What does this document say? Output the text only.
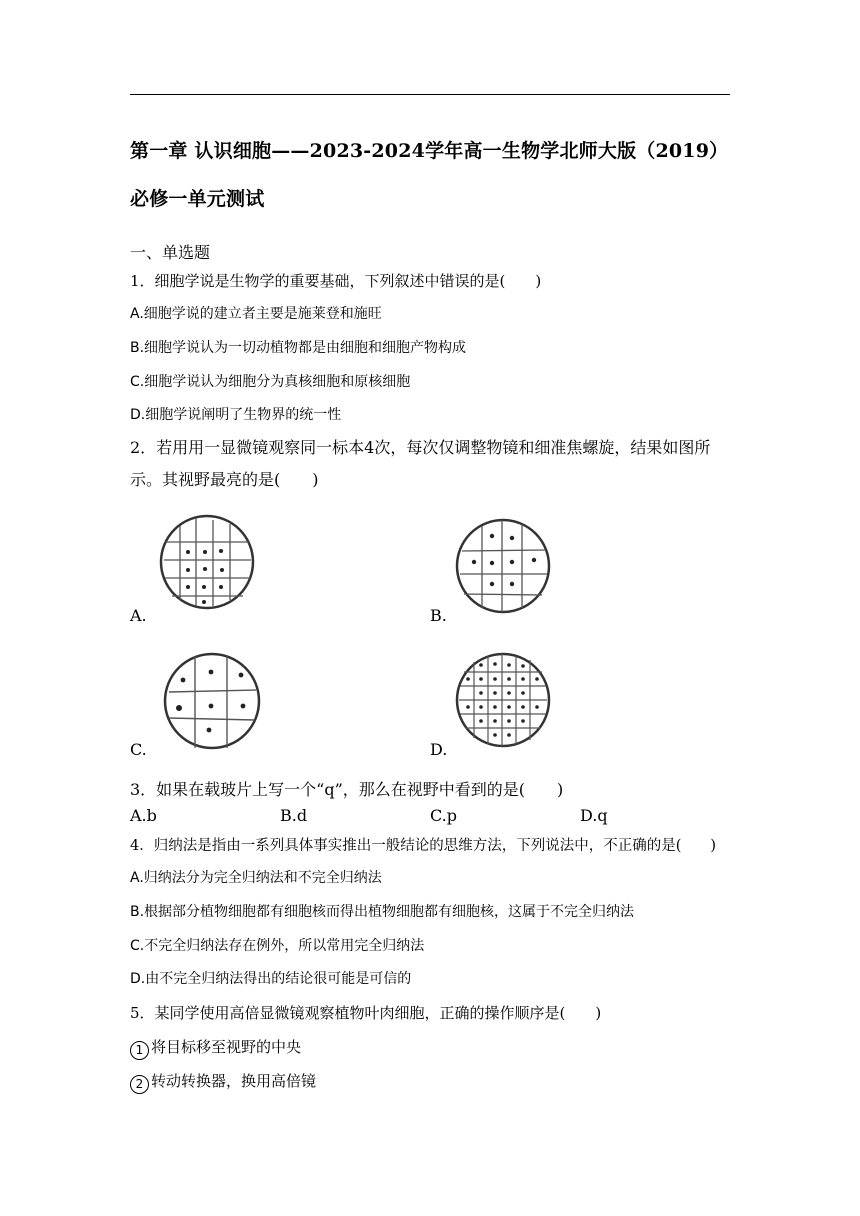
第一章 认识细胞——2023-2024学年高一生物学北师大版（2019）
必修一单元测试
一、单选题
1．细胞学说是生物学的重要基础，下列叙述中错误的是(　　)
A.细胞学说的建立者主要是施莱登和施旺
B.细胞学说认为一切动植物都是由细胞和细胞产物构成
C.细胞学说认为细胞分为真核细胞和原核细胞
D.细胞学说阐明了生物界的统一性
2．若用用一显微镜观察同一标本4次，每次仅调整物镜和细准焦螺旋，结果如图所示。其视野最亮的是(　　)
A.	B.
C.	D.
3．如果在载玻片上写一个“q”，那么在视野中看到的是(　　)
A.b	B.d	C.p	D.q
4．归纳法是指由一系列具体事实推出一般结论的思维方法，下列说法中，不正确的是(　　)
A.归纳法分为完全归纳法和不完全归纳法
B.根据部分植物细胞都有细胞核而得出植物细胞都有细胞核，这属于不完全归纳法
C.不完全归纳法存在例外，所以常用完全归纳法
D.由不完全归纳法得出的结论很可能是可信的
5．某同学使用高倍显微镜观察植物叶肉细胞，正确的操作顺序是(　　)
1 将目标移至视野的中央
2 转动转换器，换用高倍镜
